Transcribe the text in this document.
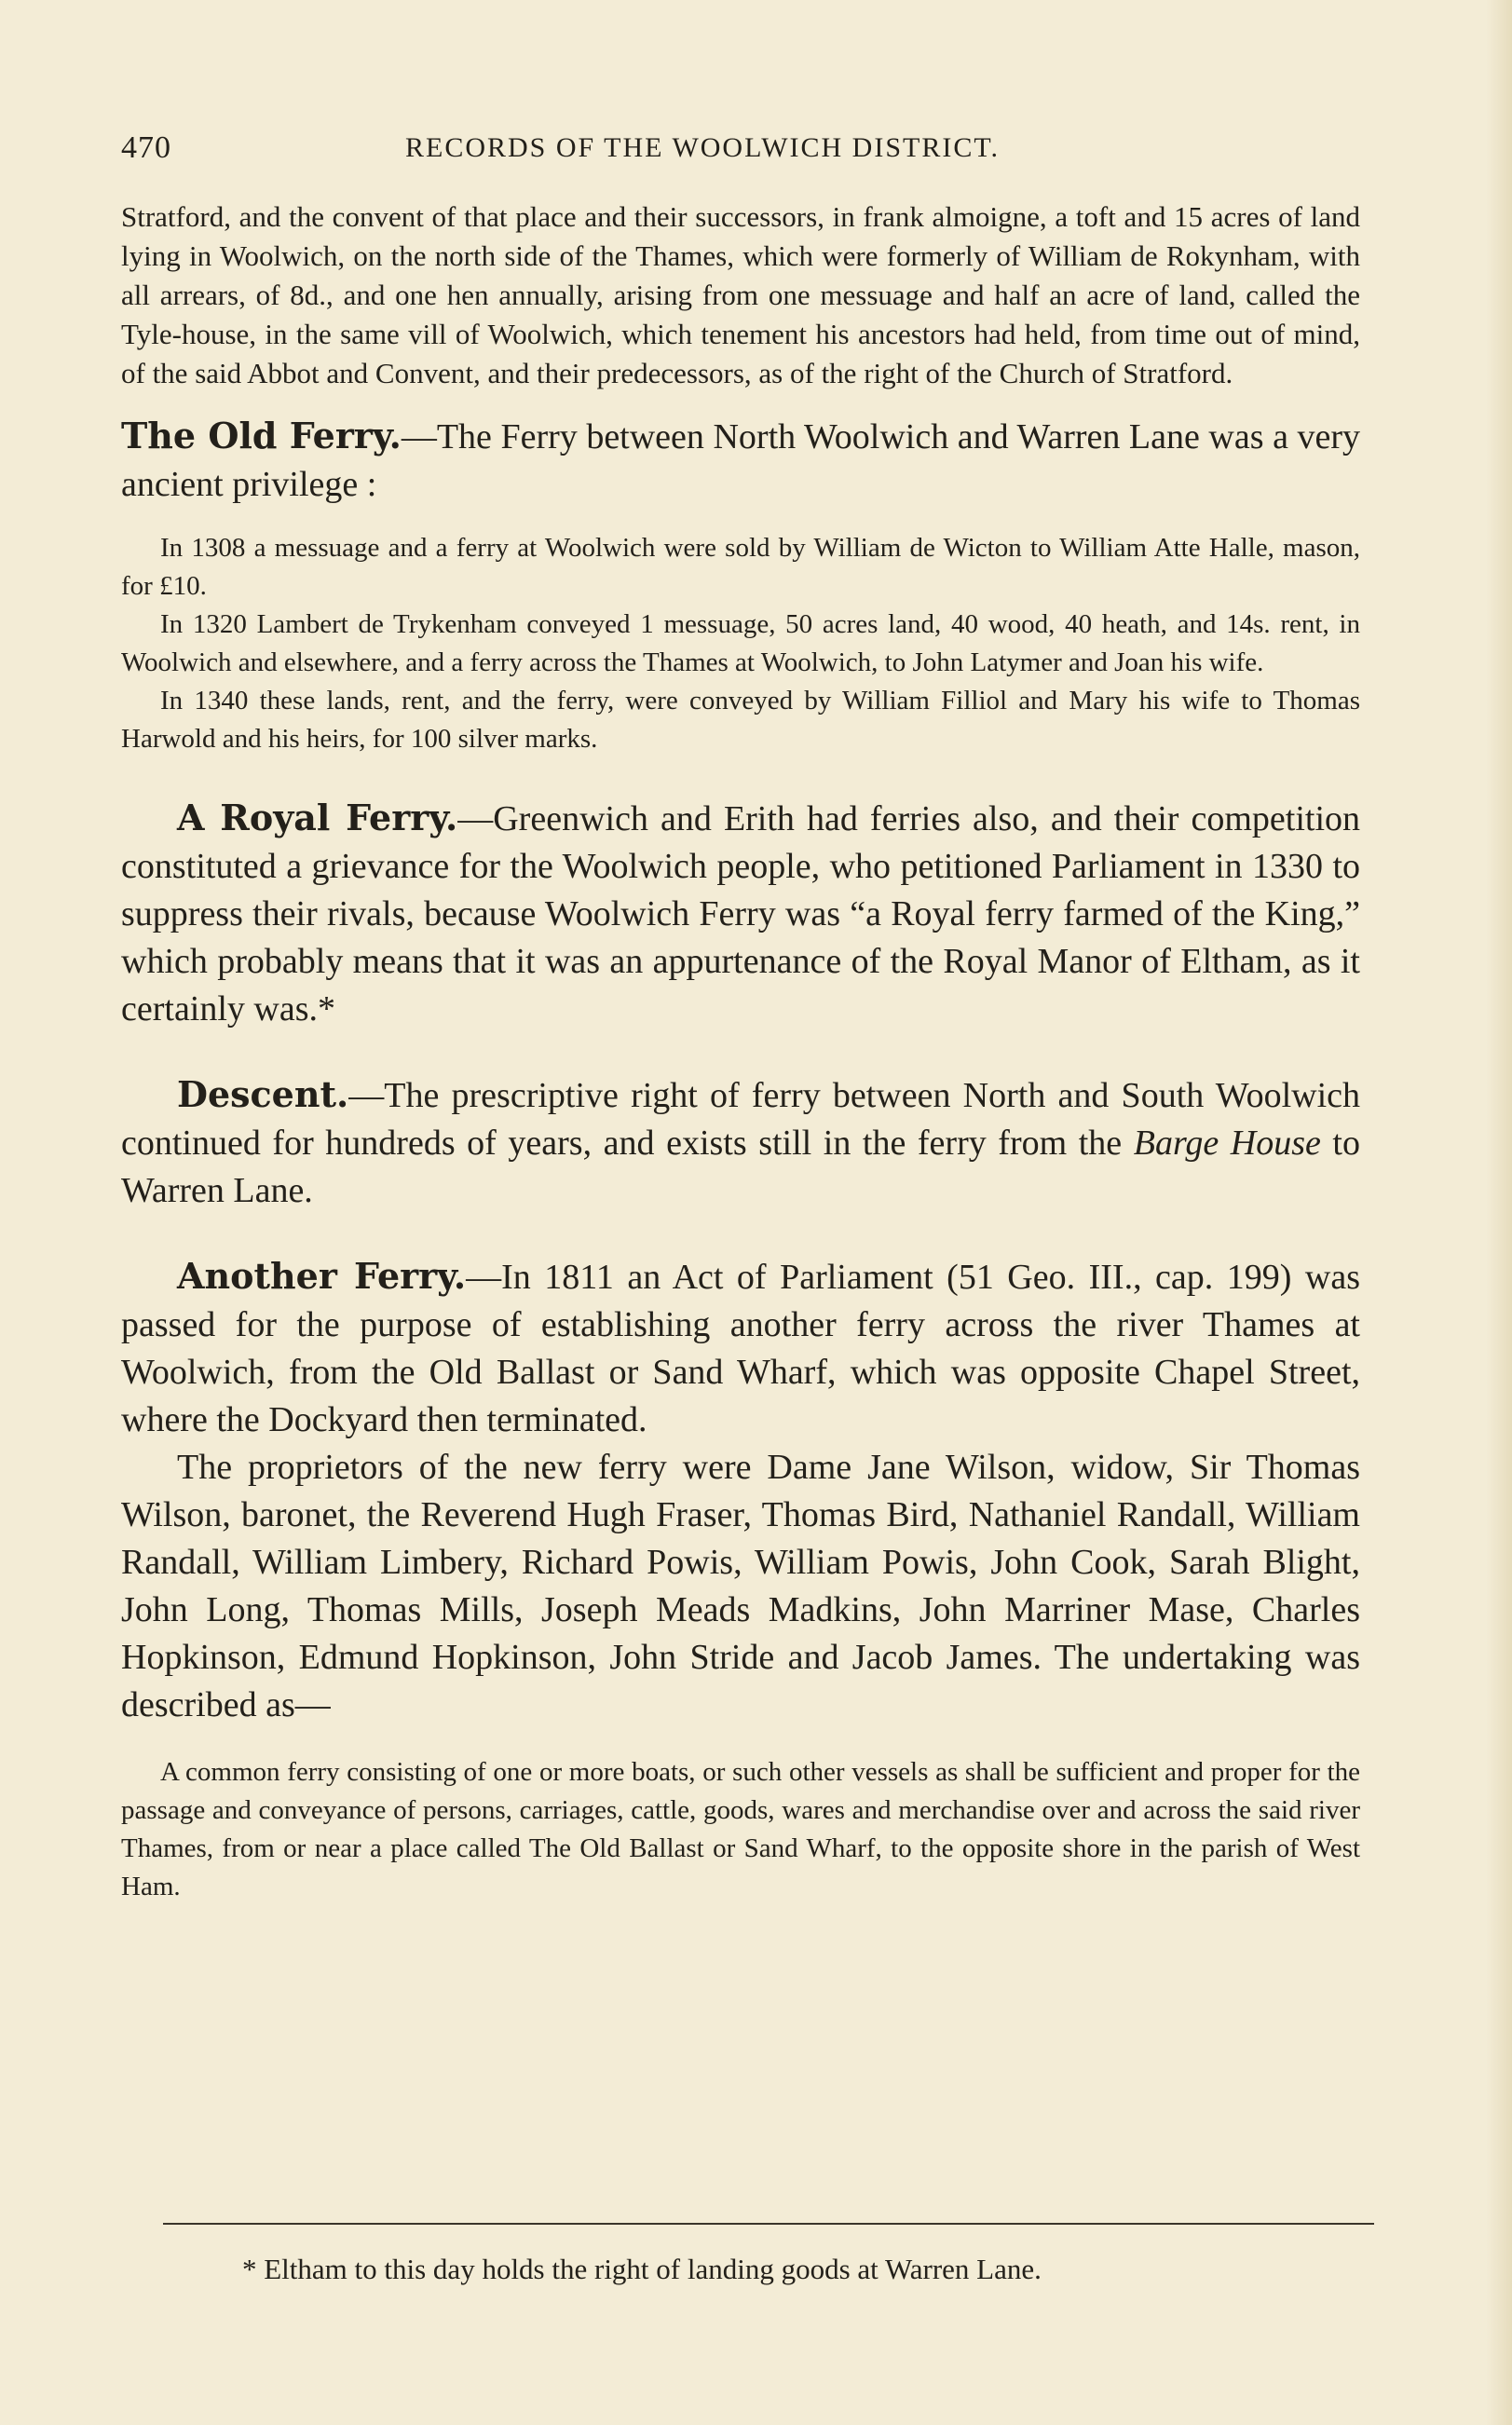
470	RECORDS OF THE WOOLWICH DISTRICT.

Stratford, and the convent of that place and their successors, in frank almoigne, a toft and 15 acres of land lying in Woolwich, on the north side of the Thames, which were formerly of William de Rokynham, with all arrears, of 8d., and one hen annually, arising from one messuage and half an acre of land, called the Tyle-house, in the same vill of Woolwich, which tenement his ancestors had held, from time out of mind, of the said Abbot and Convent, and their predecessors, as of the right of the Church of Stratford.

The Old Ferry.—The Ferry between North Woolwich and Warren Lane was a very ancient privilege :

In 1308 a messuage and a ferry at Woolwich were sold by William de Wicton to William Atte Halle, mason, for £10.

In 1320 Lambert de Trykenham conveyed 1 messuage, 50 acres land, 40 wood, 40 heath, and 14s. rent, in Woolwich and elsewhere, and a ferry across the Thames at Woolwich, to John Latymer and Joan his wife.

In 1340 these lands, rent, and the ferry, were conveyed by William Filliol and Mary his wife to Thomas Harwold and his heirs, for 100 silver marks.

A Royal Ferry.—Greenwich and Erith had ferries also, and their competition constituted a grievance for the Woolwich people, who petitioned Parliament in 1330 to suppress their rivals, because Woolwich Ferry was “a Royal ferry farmed of the King,” which probably means that it was an appurtenance of the Royal Manor of Eltham, as it certainly was.*

Descent.—The prescriptive right of ferry between North and South Woolwich continued for hundreds of years, and exists still in the ferry from the Barge House to Warren Lane.

Another Ferry.—In 1811 an Act of Parliament (51 Geo. III., cap. 199) was passed for the purpose of establishing another ferry across the river Thames at Woolwich, from the Old Ballast or Sand Wharf, which was opposite Chapel Street, where the Dockyard then terminated.

The proprietors of the new ferry were Dame Jane Wilson, widow, Sir Thomas Wilson, baronet, the Reverend Hugh Fraser, Thomas Bird, Nathaniel Randall, William Randall, William Limbery, Richard Powis, William Powis, John Cook, Sarah Blight, John Long, Thomas Mills, Joseph Meads Madkins, John Marriner Mase, Charles Hopkinson, Edmund Hopkinson, John Stride and Jacob James. The undertaking was described as—

A common ferry consisting of one or more boats, or such other vessels as shall be sufficient and proper for the passage and conveyance of persons, carriages, cattle, goods, wares and merchandise over and across the said river Thames, from or near a place called The Old Ballast or Sand Wharf, to the opposite shore in the parish of West Ham.

* Eltham to this day holds the right of landing goods at Warren Lane.
